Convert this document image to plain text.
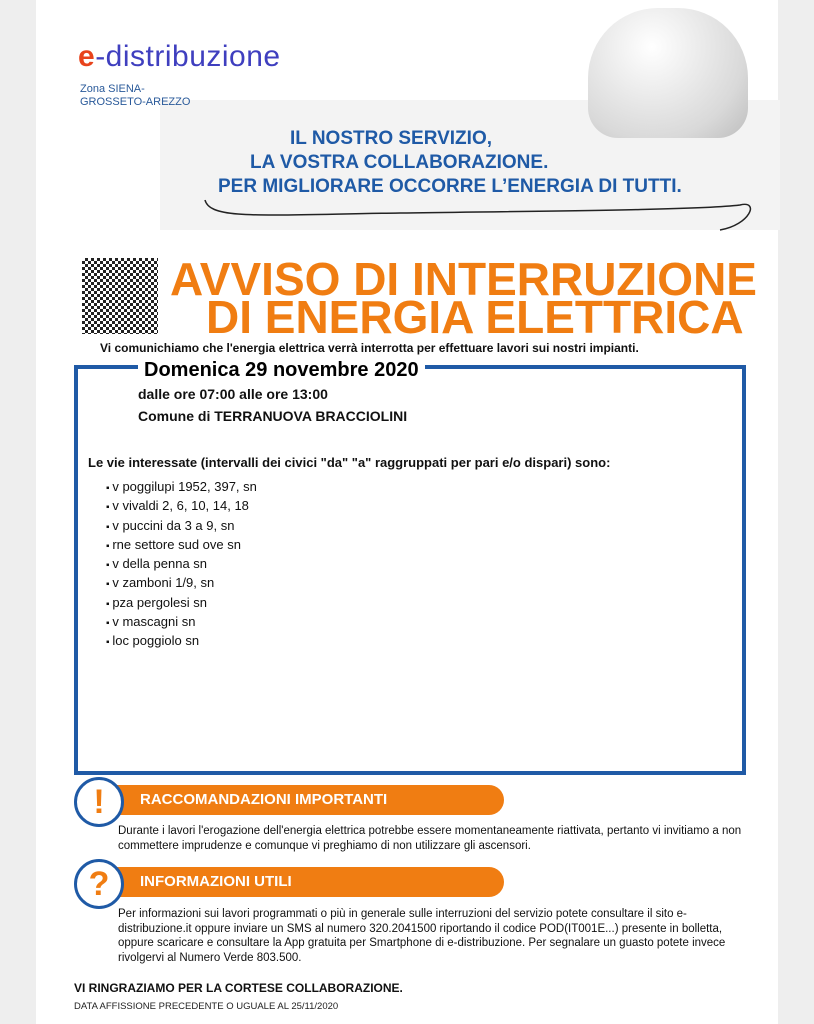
IL NOSTRO SERVIZIO,
LA VOSTRA COLLABORAZIONE.
PER MIGLIORARE OCCORRE L’ENERGIA DI TUTTI.
e-distribuzione
Zona SIENA-
GROSSETO-AREZZO
AVVISO DI INTERRUZIONE
DI ENERGIA ELETTRICA
Vi comunichiamo che l'energia elettrica verrà interrotta per effettuare lavori sui nostri impianti.
Domenica 29 novembre 2020
dalle ore 07:00 alle ore 13:00
Comune di TERRANUOVA BRACCIOLINI
Le vie interessate (intervalli dei civici "da" "a" raggruppati per pari e/o dispari) sono:
▪ v poggilupi 1952, 397, sn
▪ v vivaldi 2, 6, 10, 14, 18
▪ v puccini da 3 a 9, sn
▪ rne settore sud ove sn
▪ v della penna sn
▪ v zamboni 1/9, sn
▪ pza pergolesi sn
▪ v mascagni sn
▪ loc poggiolo sn
RACCOMANDAZIONI IMPORTANTI
!
Durante i lavori l'erogazione dell'energia elettrica potrebbe essere momentaneamente riattivata, pertanto vi invitiamo a non commettere imprudenze e comunque vi preghiamo di non utilizzare gli ascensori.
INFORMAZIONI UTILI
?
Per informazioni sui lavori programmati o più in generale sulle interruzioni del servizio potete consultare il sito e-distribuzione.it oppure inviare un SMS al numero 320.2041500 riportando il codice POD(IT001E...) presente in bolletta, oppure scaricare e consultare la App gratuita per Smartphone di e-distribuzione. Per segnalare un guasto potete invece rivolgervi al Numero Verde 803.500.
VI RINGRAZIAMO PER LA CORTESE COLLABORAZIONE.
DATA AFFISSIONE PRECEDENTE O UGUALE AL 25/11/2020
